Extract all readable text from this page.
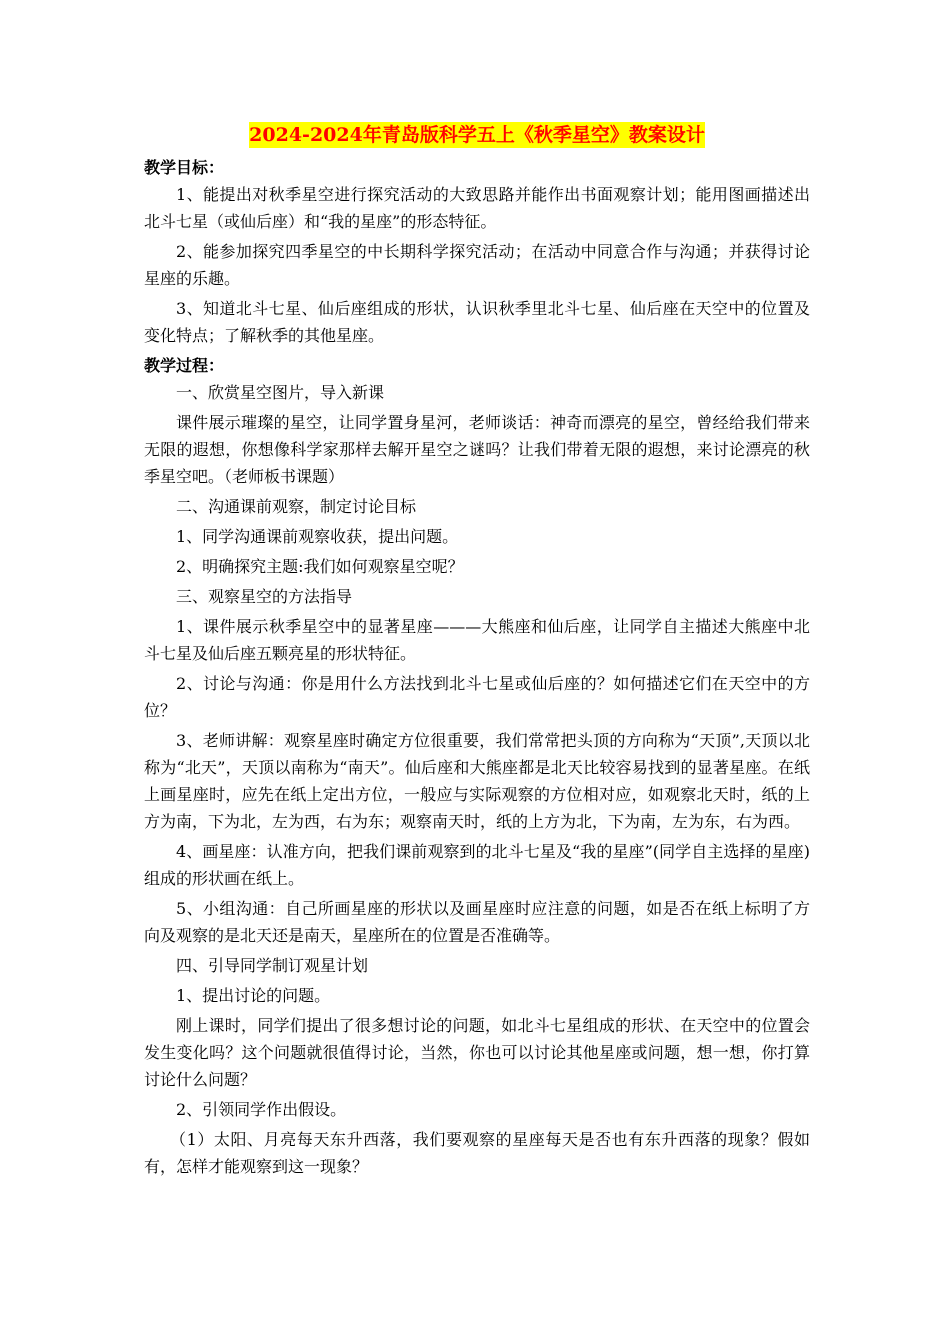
2024-2024年青岛版科学五上《秋季星空》教案设计

教学目标：

1、能提出对秋季星空进行探究活动的大致思路并能作出书面观察计划；能用图画描述出北斗七星（或仙后座）和“我的星座”的形态特征。

2、能参加探究四季星空的中长期科学探究活动；在活动中同意合作与沟通；并获得讨论星座的乐趣。

3、知道北斗七星、仙后座组成的形状，认识秋季里北斗七星、仙后座在天空中的位置及变化特点；了解秋季的其他星座。

教学过程：

一、欣赏星空图片，导入新课

课件展示璀璨的星空，让同学置身星河，老师谈话：神奇而漂亮的星空，曾经给我们带来无限的遐想，你想像科学家那样去解开星空之谜吗？让我们带着无限的遐想，来讨论漂亮的秋季星空吧。（老师板书课题）

二、沟通课前观察，制定讨论目标

1、同学沟通课前观察收获，提出问题。

2、明确探究主题:我们如何观察星空呢？

三、观察星空的方法指导

1、课件展示秋季星空中的显著星座———大熊座和仙后座，让同学自主描述大熊座中北斗七星及仙后座五颗亮星的形状特征。

2、讨论与沟通：你是用什么方法找到北斗七星或仙后座的？如何描述它们在天空中的方位？

3、老师讲解：观察星座时确定方位很重要，我们常常把头顶的方向称为“天顶”,天顶以北称为“北天”，天顶以南称为“南天”。仙后座和大熊座都是北天比较容易找到的显著星座。在纸上画星座时，应先在纸上定出方位，一般应与实际观察的方位相对应，如观察北天时，纸的上方为南，下为北，左为西，右为东；观察南天时，纸的上方为北，下为南，左为东，右为西。

4、画星座：认准方向，把我们课前观察到的北斗七星及“我的星座”(同学自主选择的星座)组成的形状画在纸上。

5、小组沟通：自己所画星座的形状以及画星座时应注意的问题，如是否在纸上标明了方向及观察的是北天还是南天，星座所在的位置是否准确等。

四、引导同学制订观星计划

1、提出讨论的问题。

刚上课时，同学们提出了很多想讨论的问题，如北斗七星组成的形状、在天空中的位置会发生变化吗？这个问题就很值得讨论，当然，你也可以讨论其他星座或问题，想一想，你打算讨论什么问题？

2、引领同学作出假设。

（1）太阳、月亮每天东升西落，我们要观察的星座每天是否也有东升西落的现象？假如有，怎样才能观察到这一现象？
